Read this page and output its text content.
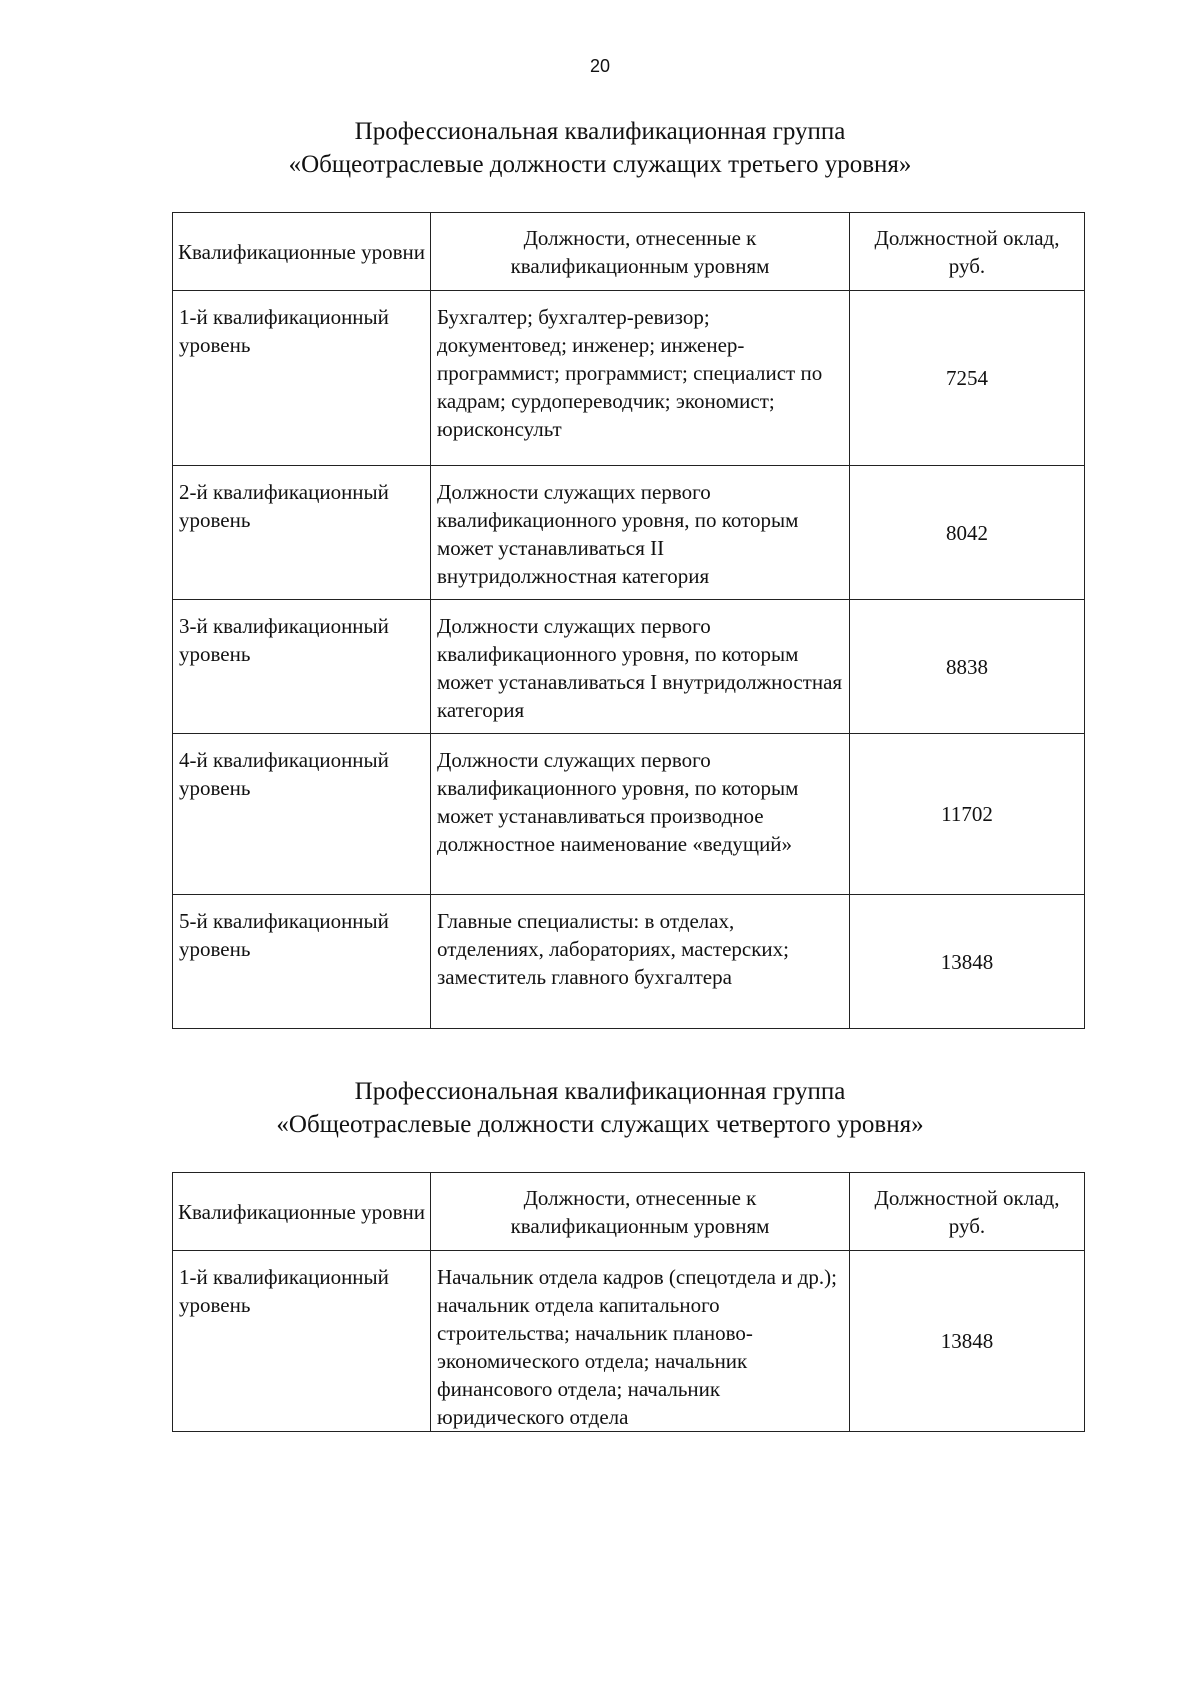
20
Профессиональная квалификационная группа
«Общеотраслевые должности служащих третьего уровня»
Квалификационные уровни	Должности, отнесенные к квалификационным уровням	Должностной оклад, руб.
1-й квалификационный уровень	Бухгалтер; бухгалтер-ревизор; документовед; инженер; инженер-программист; программист; специалист по кадрам; сурдопереводчик; экономист; юрисконсульт	7254
2-й квалификационный уровень	Должности служащих первого квалификационного уровня, по которым может устанавливаться II внутридолжностная категория	8042
3-й квалификационный уровень	Должности служащих первого квалификационного уровня, по которым может устанавливаться I внутридолжностная категория	8838
4-й квалификационный уровень	Должности служащих первого квалификационного уровня, по которым может устанавливаться производное должностное наименование «ведущий»	11702
5-й квалификационный уровень	Главные специалисты: в отделах, отделениях, лабораториях, мастерских; заместитель главного бухгалтера	13848
Профессиональная квалификационная группа
«Общеотраслевые должности служащих четвертого уровня»
Квалификационные уровни	Должности, отнесенные к квалификационным уровням	Должностной оклад, руб.
1-й квалификационный уровень	Начальник отдела кадров (спецотдела и др.); начальник отдела капитального строительства; начальник планово-экономического отдела; начальник финансового отдела; начальник юридического отдела	13848
